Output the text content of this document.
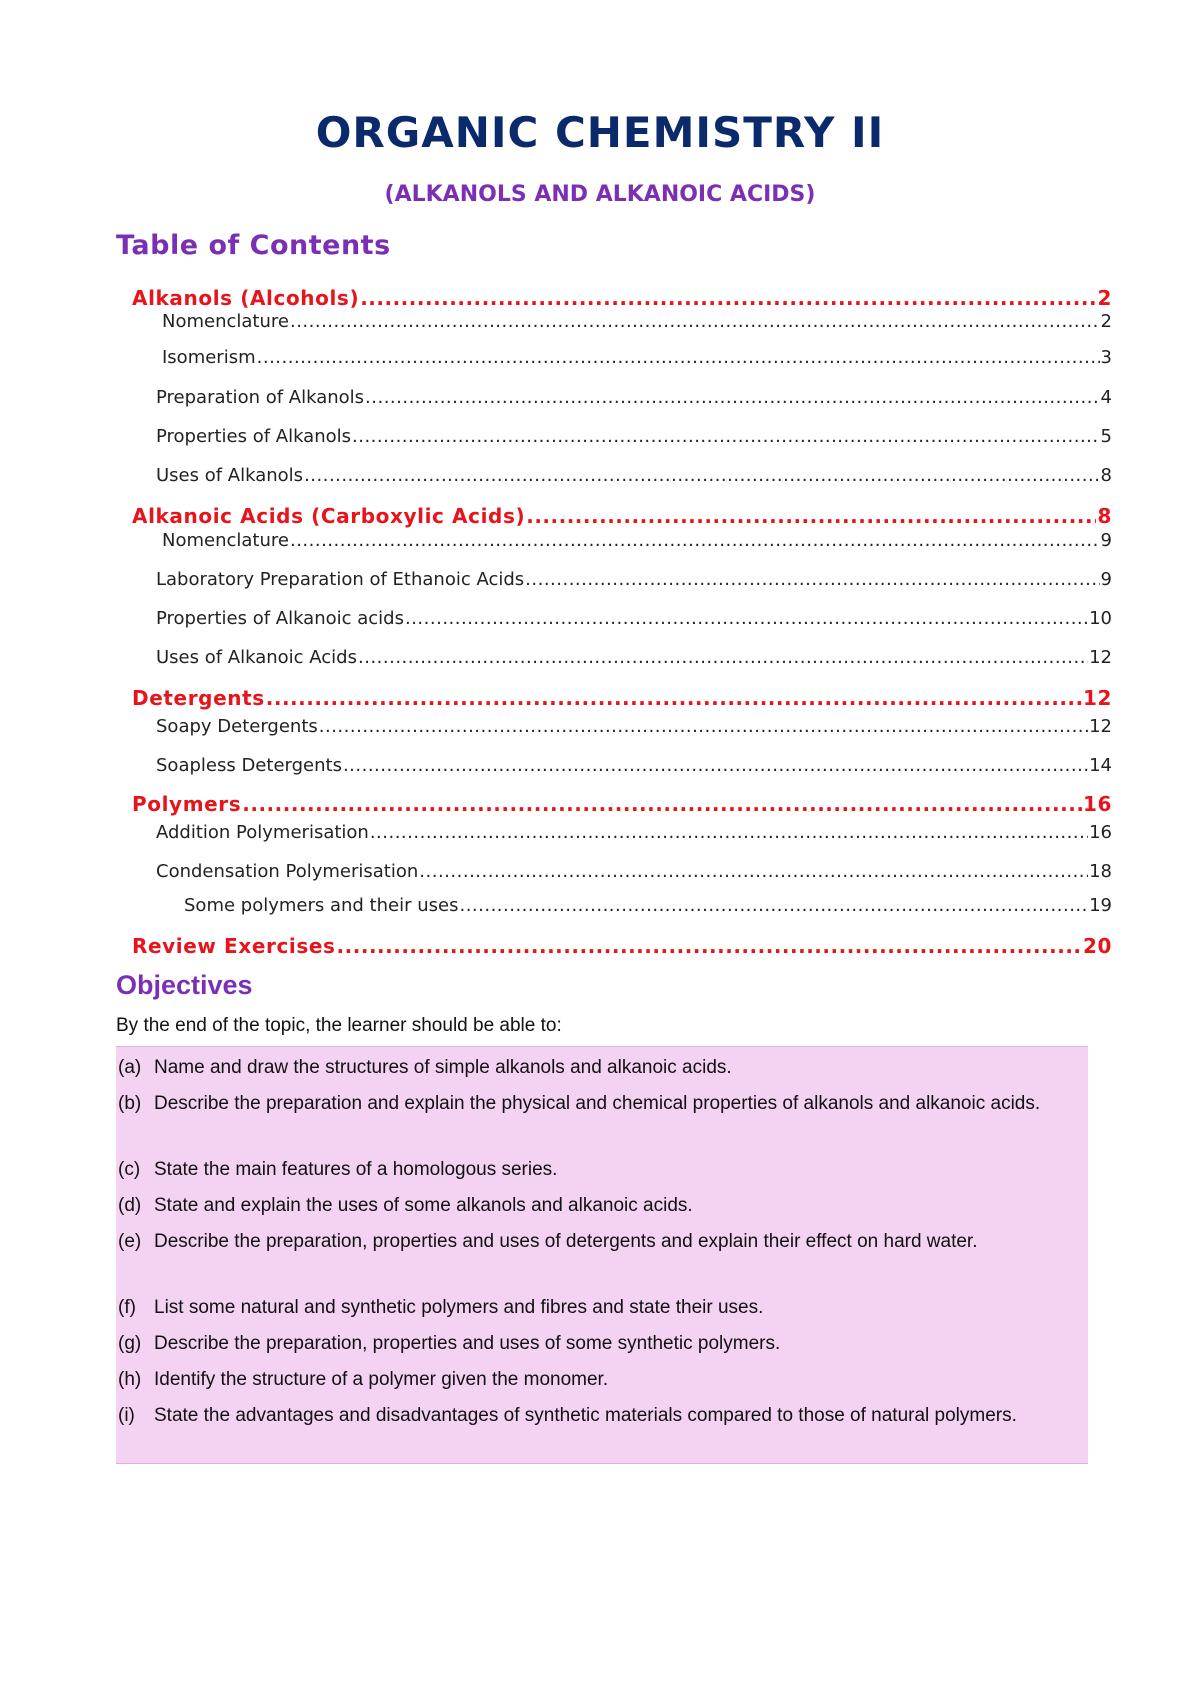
ORGANIC CHEMISTRY II
(ALKANOLS AND ALKANOIC ACIDS)
Table of Contents
Alkanols (Alcohols) .....	2
Nomenclature .....	2
Isomerism .....	3
Preparation of Alkanols .....	4
Properties of Alkanols .....	5
Uses of Alkanols .....	8
Alkanoic Acids (Carboxylic Acids) .....	8
Nomenclature .....	9
Laboratory Preparation of Ethanoic Acids .....	9
Properties of Alkanoic acids .....	10
Uses of Alkanoic Acids .....	12
Detergents .....	12
Soapy Detergents .....	12
Soapless Detergents .....	14
Polymers .....	16
Addition Polymerisation .....	16
Condensation Polymerisation .....	18
Some polymers and their uses .....	19
Review Exercises .....	20
Objectives
By the end of the topic, the learner should be able to:
(a) Name and draw the structures of simple alkanols and alkanoic acids.
(b) Describe the preparation and explain the physical and chemical properties of alkanols and alkanoic acids.
(c) State the main features of a homologous series.
(d) State and explain the uses of some alkanols and alkanoic acids.
(e) Describe the preparation, properties and uses of detergents and explain their effect on hard water.
(f) List some natural and synthetic polymers and fibres and state their uses.
(g) Describe the preparation, properties and uses of some synthetic polymers.
(h) Identify the structure of a polymer given the monomer.
(i) State the advantages and disadvantages of synthetic materials compared to those of natural polymers.
